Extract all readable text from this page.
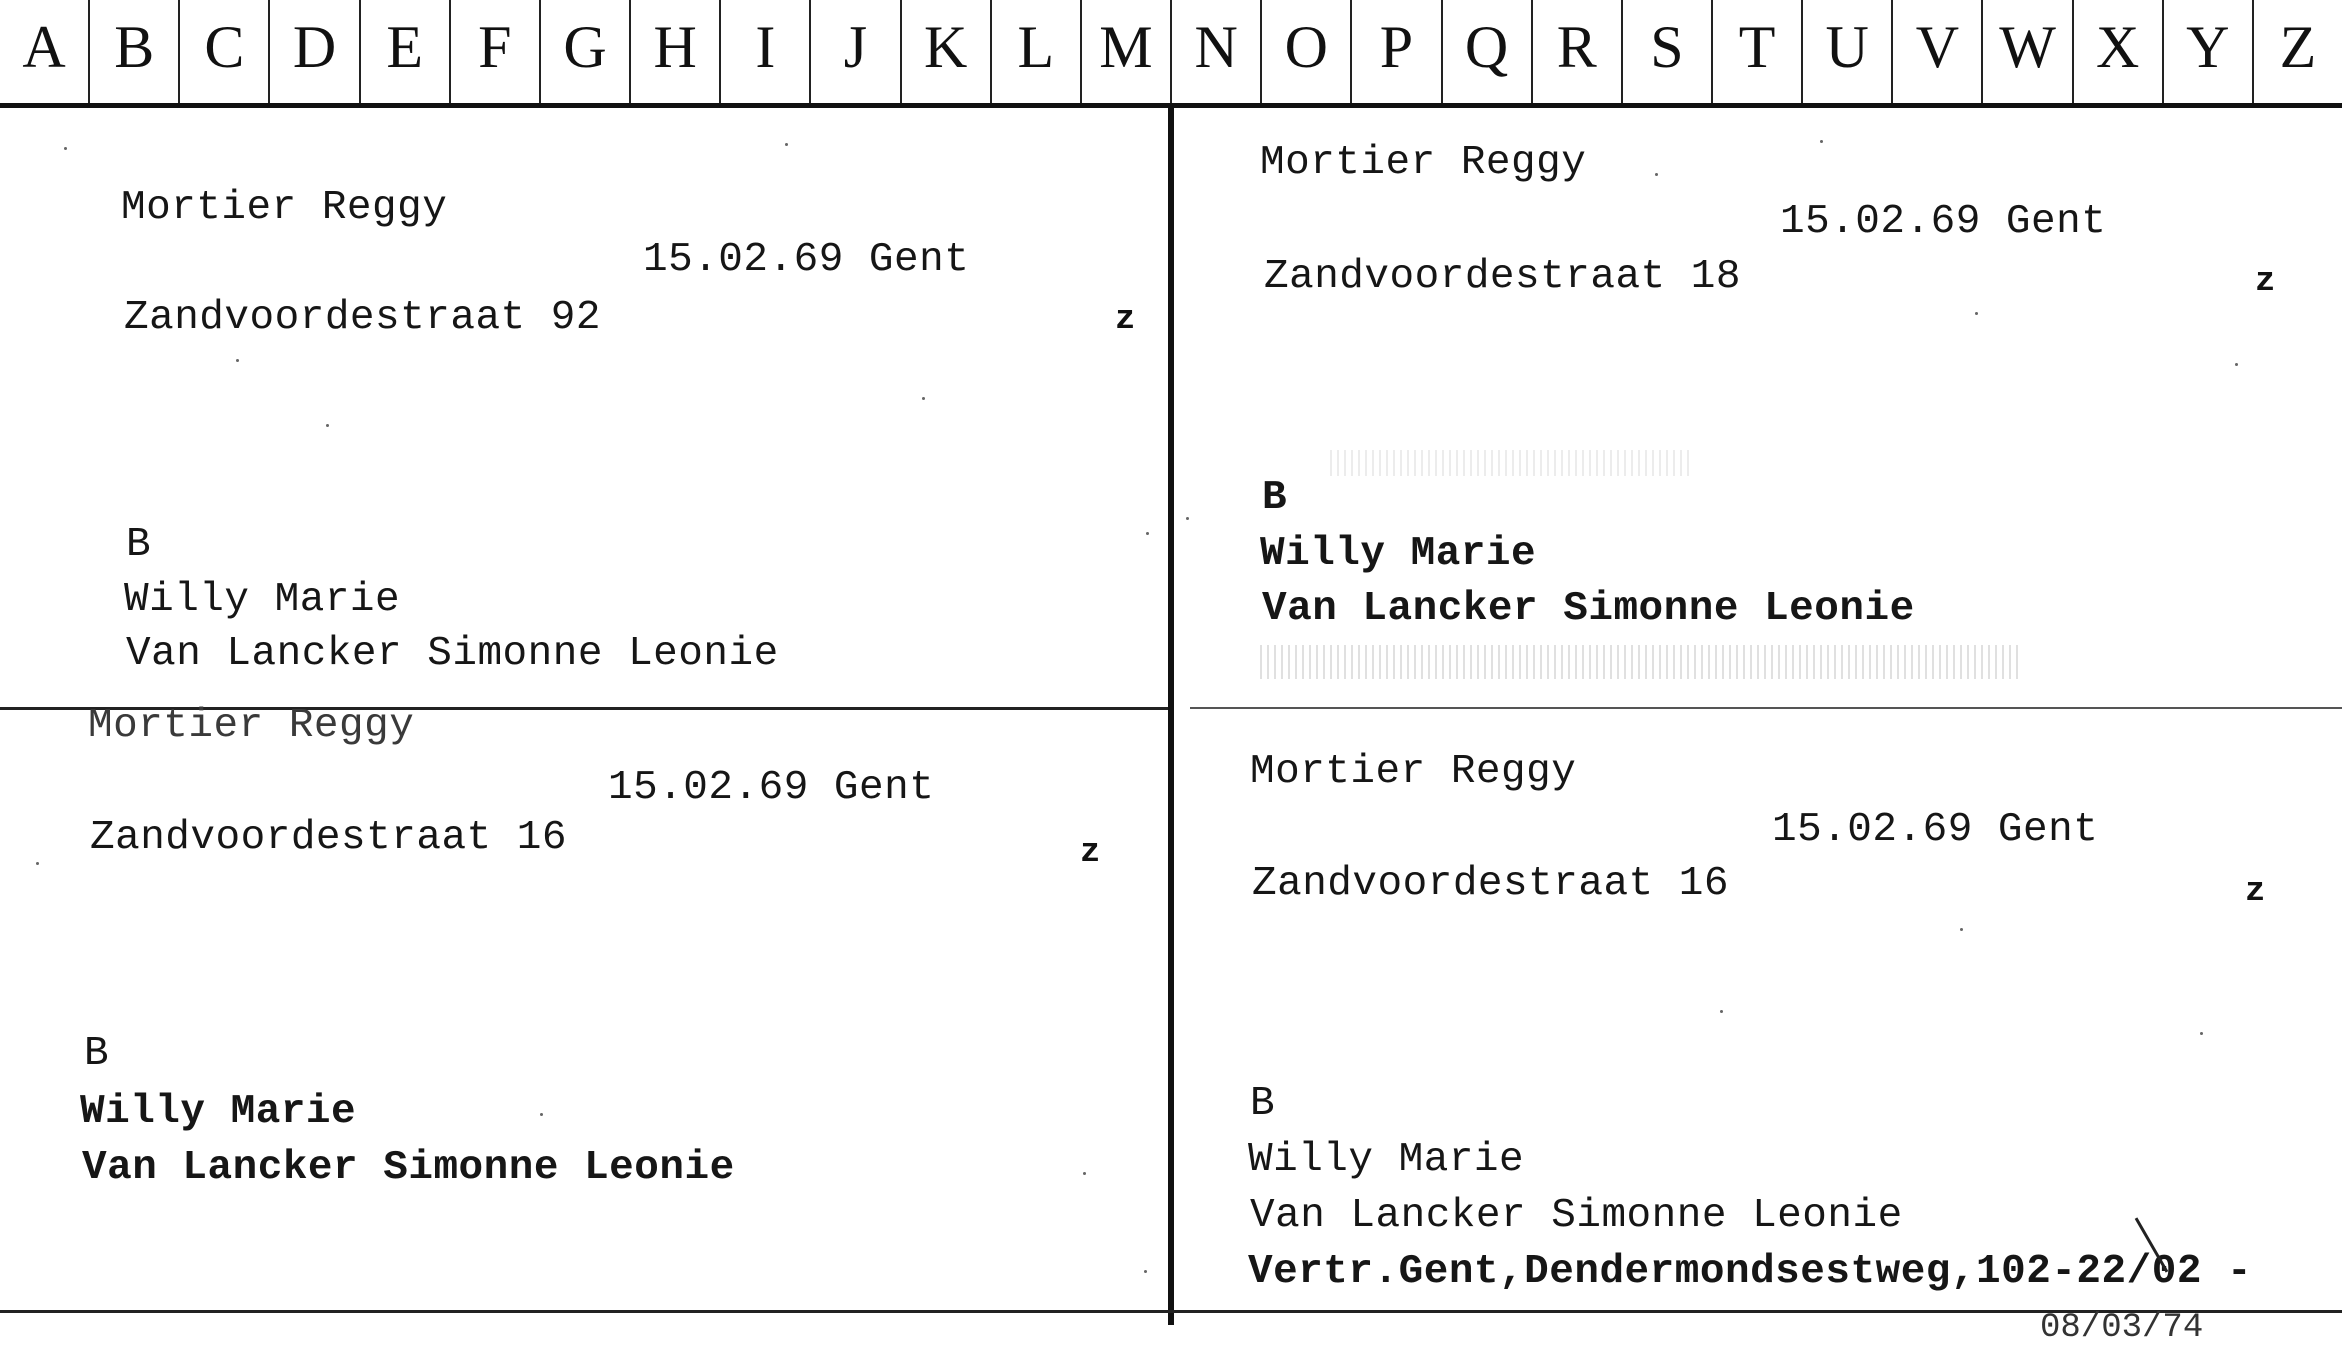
A B C D E F G H I	J K L M N O P Q R S T U V W X Y Z
Mortier Reggy
15.02.69 Gent
Zandvoordestraat 92	z
B
Willy Marie
Van Lancker Simonne Leonie
Mortier Reggy
15.02.69 Gent
Zandvoordestraat 18	z
B
Willy Marie
Van Lancker Simonne Leonie
Mortier Reggy
15.02.69 Gent
Zandvoordestraat 16	z
B
Willy Marie
Van Lancker Simonne Leonie
Mortier Reggy
15.02.69 Gent
Zandvoordestraat 16	z
B
Willy Marie
Van Lancker Simonne Leonie
Vertr.Gent,Dendermondsestweg,102-22/02 -
08/03/74
